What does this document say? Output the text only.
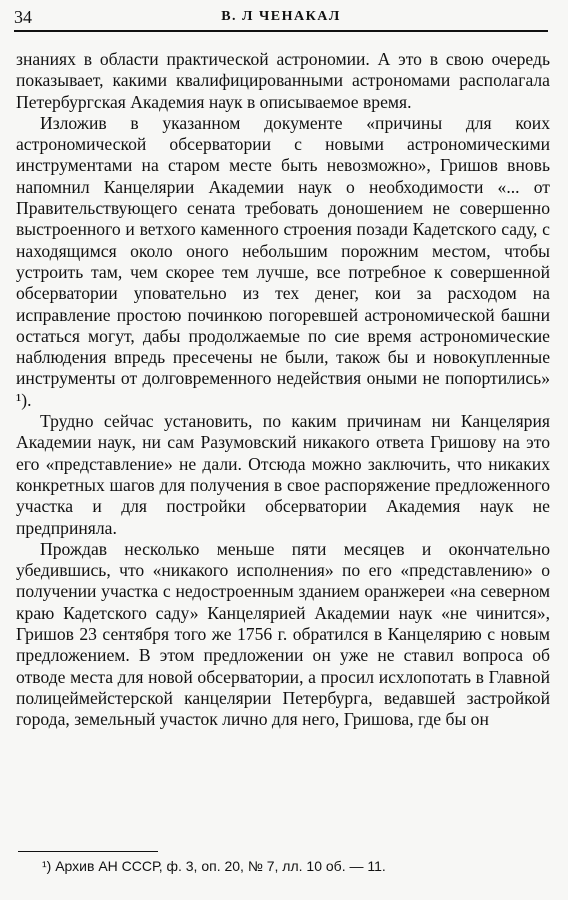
34	В. Л ЧЕНАКАЛ

знаниях в области практической астрономии. А это в свою очередь показывает, какими квалифицированными астрономами располагала Петербургская Академия наук в описываемое время.

Изложив в указанном документе «причины для коих астрономической обсерватории с новыми астрономическими инструментами на старом месте быть невозможно», Гришов вновь напомнил Канцелярии Академии наук о необходимости «... от Правительствующего сената требовать доношением не совершенно выстроенного и ветхого каменного строения позади Кадетского саду, с находящимся около оного небольшим порожним местом, чтобы устроить там, чем скорее тем лучше, все потребное к совершенной обсерватории уповательно из тех денег, кои за расходом на исправление простою починкою погоревшей астрономической башни остаться могут, дабы продолжаемые по сие время астрономические наблюдения впредь пресечены не были, також бы и новокупленные инструменты от долговременного недействия оными не попортились» ¹).

Трудно сейчас установить, по каким причинам ни Канцелярия Академии наук, ни сам Разумовский никакого ответа Гришову на это его «представление» не дали. Отсюда можно заключить, что никаких конкретных шагов для получения в свое распоряжение предложенного участка и для постройки обсерватории Академия наук не предприняла.

Прождав несколько меньше пяти месяцев и окончательно убедившись, что «никакого исполнения» по его «представлению» о получении участка с недостроенным зданием оранжереи «на северном краю Кадетского саду» Канцелярией Академии наук «не чинится», Гришов 23 сентября того же 1756 г. обратился в Канцелярию с новым предложением. В этом предложении он уже не ставил вопроса об отводе места для новой обсерватории, а просил исхлопотать в Главной полицеймейстерской канцелярии Петербурга, ведавшей застройкой города, земельный участок лично для него, Гришова, где бы он

¹) Архив АН СССР, ф. 3, оп. 20, № 7, лл. 10 об. — 11.
